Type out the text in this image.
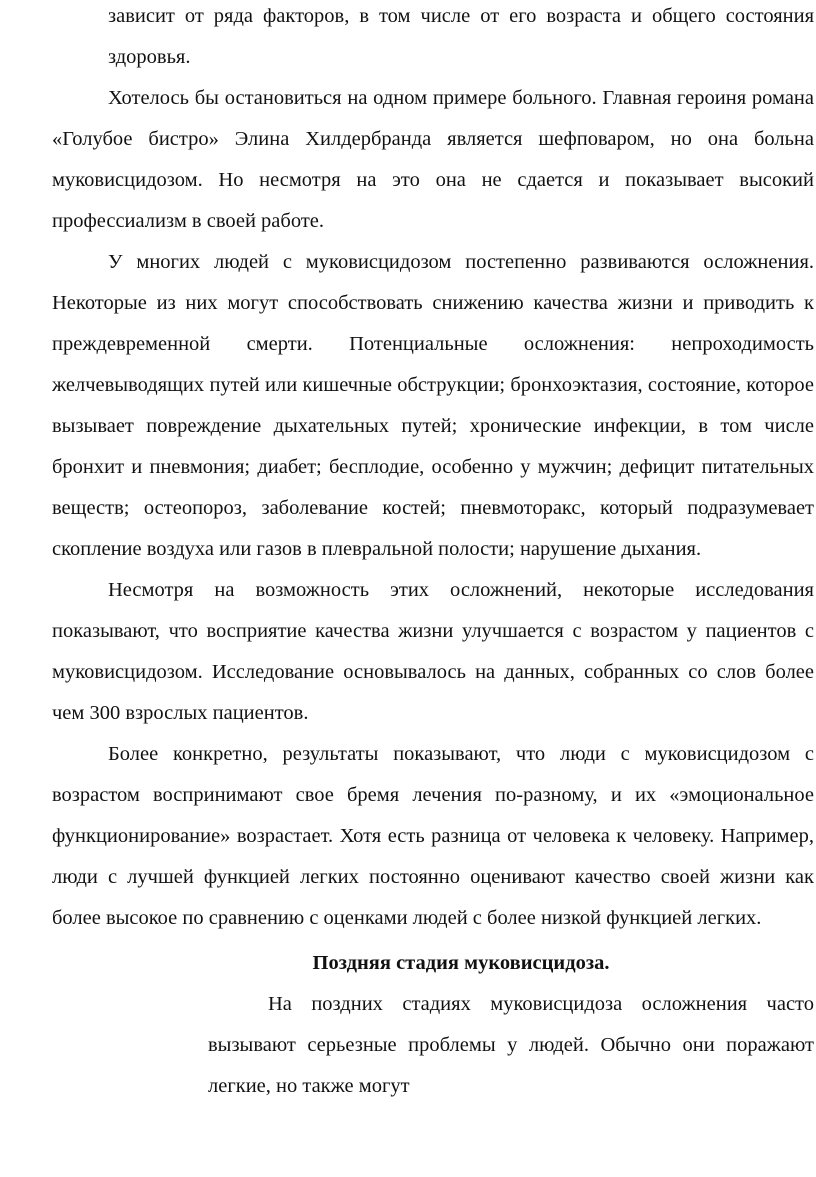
зависит от ряда факторов, в том числе от его возраста и общего состояния здоровья.

Хотелось бы остановиться на одном примере больного. Главная героиня романа «Голубое бистро» Элина Хилдербранда является шефповаром, но она больна муковисцидозом. Но несмотря на это она не сдается и показывает высокий профессиализм в своей работе.

У многих людей с муковисцидозом постепенно развиваются осложнения. Некоторые из них могут способствовать снижению качества жизни и приводить к преждевременной смерти. Потенциальные осложнения: непроходимость желчевыводящих путей или кишечные обструкции; бронхоэктазия, состояние, которое вызывает повреждение дыхательных путей; хронические инфекции, в том числе бронхит и пневмония; диабет; бесплодие, особенно у мужчин; дефицит питательных веществ; остеопороз, заболевание костей; пневмоторакс, который подразумевает скопление воздуха или газов в плевральной полости; нарушение дыхания.

Несмотря на возможность этих осложнений, некоторые исследования показывают, что восприятие качества жизни улучшается с возрастом у пациентов с муковисцидозом. Исследование основывалось на данных, собранных со слов более чем 300 взрослых пациентов.

Более конкретно, результаты показывают, что люди с муковисцидозом с возрастом воспринимают свое бремя лечения по-разному, и их «эмоциональное функционирование» возрастает. Хотя есть разница от человека к человеку. Например, люди с лучшей функцией легких постоянно оценивают качество своей жизни как более высокое по сравнению с оценками людей с более низкой функцией легких.

Поздняя стадия муковисцидоза.

На поздних стадиях муковисцидоза осложнения часто вызывают серьезные проблемы у людей. Обычно они поражают легкие, но также могут
